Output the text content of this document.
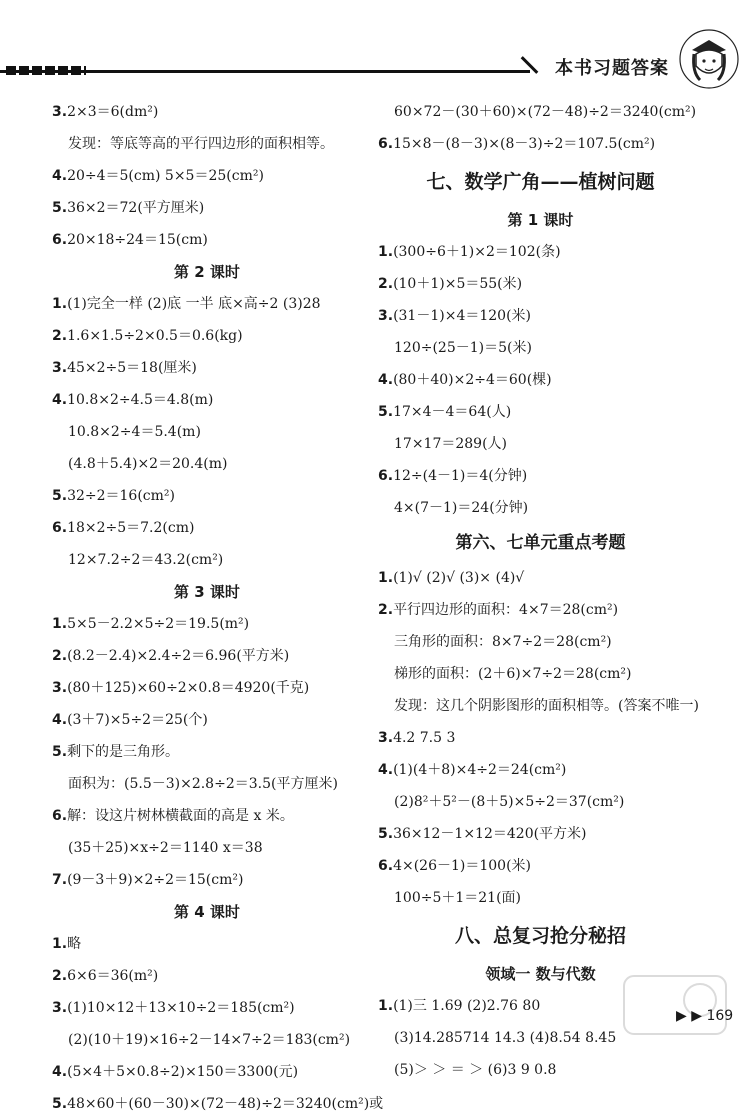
本书习题答案
3.2×3＝6(dm²)
发现：等底等高的平行四边形的面积相等。
4.20÷4＝5(cm) 5×5＝25(cm²)
5.36×2＝72(平方厘米)
6.20×18÷24＝15(cm)
第 2 课时
1.(1)完全一样 (2)底 一半 底×高÷2 (3)28
2.1.6×1.5÷2×0.5＝0.6(kg)
3.45×2÷5＝18(厘米)
4.10.8×2÷4.5＝4.8(m)
10.8×2÷4＝5.4(m)
(4.8＋5.4)×2＝20.4(m)
5.32÷2＝16(cm²)
6.18×2÷5＝7.2(cm)
12×7.2÷2＝43.2(cm²)
第 3 课时
1.5×5－2.2×5÷2＝19.5(m²)
2.(8.2－2.4)×2.4÷2＝6.96(平方米)
3.(80＋125)×60÷2×0.8＝4920(千克)
4.(3＋7)×5÷2＝25(个)
5.剩下的是三角形。
面积为：(5.5－3)×2.8÷2＝3.5(平方厘米)
6.解：设这片树林横截面的高是 x 米。
(35＋25)×x÷2＝1140 x＝38
7.(9－3＋9)×2÷2＝15(cm²)
第 4 课时
1.略
2.6×6＝36(m²)
3.(1)10×12＋13×10÷2＝185(cm²)
(2)(10＋19)×16÷2－14×7÷2＝183(cm²)
4.(5×4＋5×0.8÷2)×150＝3300(元)
5.48×60＋(60－30)×(72－48)÷2＝3240(cm²)或
60×72－(30＋60)×(72－48)÷2＝3240(cm²)
6.15×8－(8－3)×(8－3)÷2＝107.5(cm²)
七、数学广角——植树问题
第 1 课时
1.(300÷6＋1)×2＝102(条)
2.(10＋1)×5＝55(米)
3.(31－1)×4＝120(米)
120÷(25－1)＝5(米)
4.(80＋40)×2÷4＝60(棵)
5.17×4－4＝64(人)
17×17＝289(人)
6.12÷(4－1)＝4(分钟)
4×(7－1)＝24(分钟)
第六、七单元重点考题
1.(1)√ (2)√ (3)× (4)√
2.平行四边形的面积：4×7＝28(cm²)
三角形的面积：8×7÷2＝28(cm²)
梯形的面积：(2＋6)×7÷2＝28(cm²)
发现：这几个阴影图形的面积相等。(答案不唯一)
3.4.2 7.5 3
4.(1)(4＋8)×4÷2＝24(cm²)
(2)8²＋5²－(8＋5)×5÷2＝37(cm²)
5.36×12－1×12＝420(平方米)
6.4×(26－1)＝100(米)
100÷5＋1＝21(面)
八、总复习抢分秘招
领域一 数与代数
1.(1)三 1.69 (2)2.76 80
(3)14.285714 14.3 (4)8.54 8.45
(5)＞ ＞ ＝ ＞ (6)3 9 0.8
▶ ▶ 169
